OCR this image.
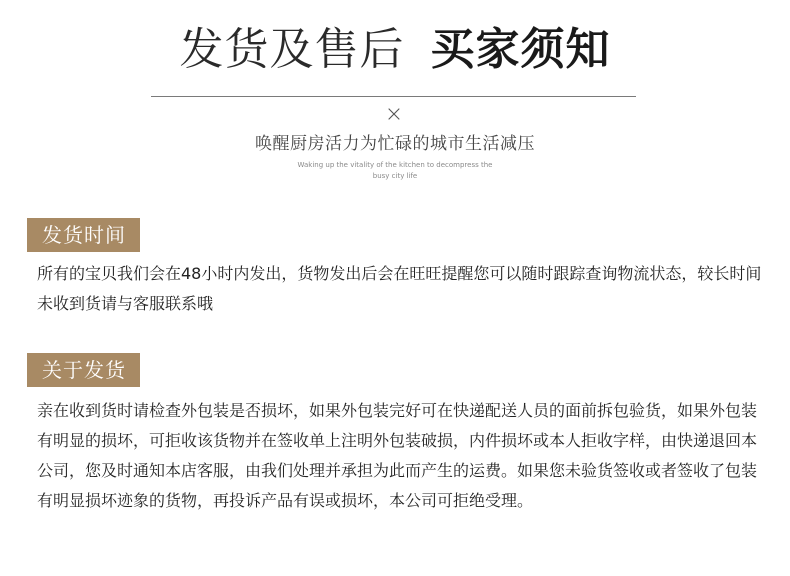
发货及售后 买家须知
×
唤醒厨房活力为忙碌的城市生活减压
Waking up the vitality of the kitchen to decompress the busy city life
发货时间
所有的宝贝我们会在48小时内发出，货物发出后会在旺旺提醒您可以随时跟踪查询物流状态，较长时间未收到货请与客服联系哦
关于发货
亲在收到货时请检查外包装是否损坏，如果外包装完好可在快递配送人员的面前拆包验货，如果外包装有明显的损坏，可拒收该货物并在签收单上注明外包装破损，内件损坏或本人拒收字样，由快递退回本公司，您及时通知本店客服，由我们处理并承担为此而产生的运费。如果您未验货签收或者签收了包装有明显损坏迹象的货物，再投诉产品有误或损坏，本公司可拒绝受理。
